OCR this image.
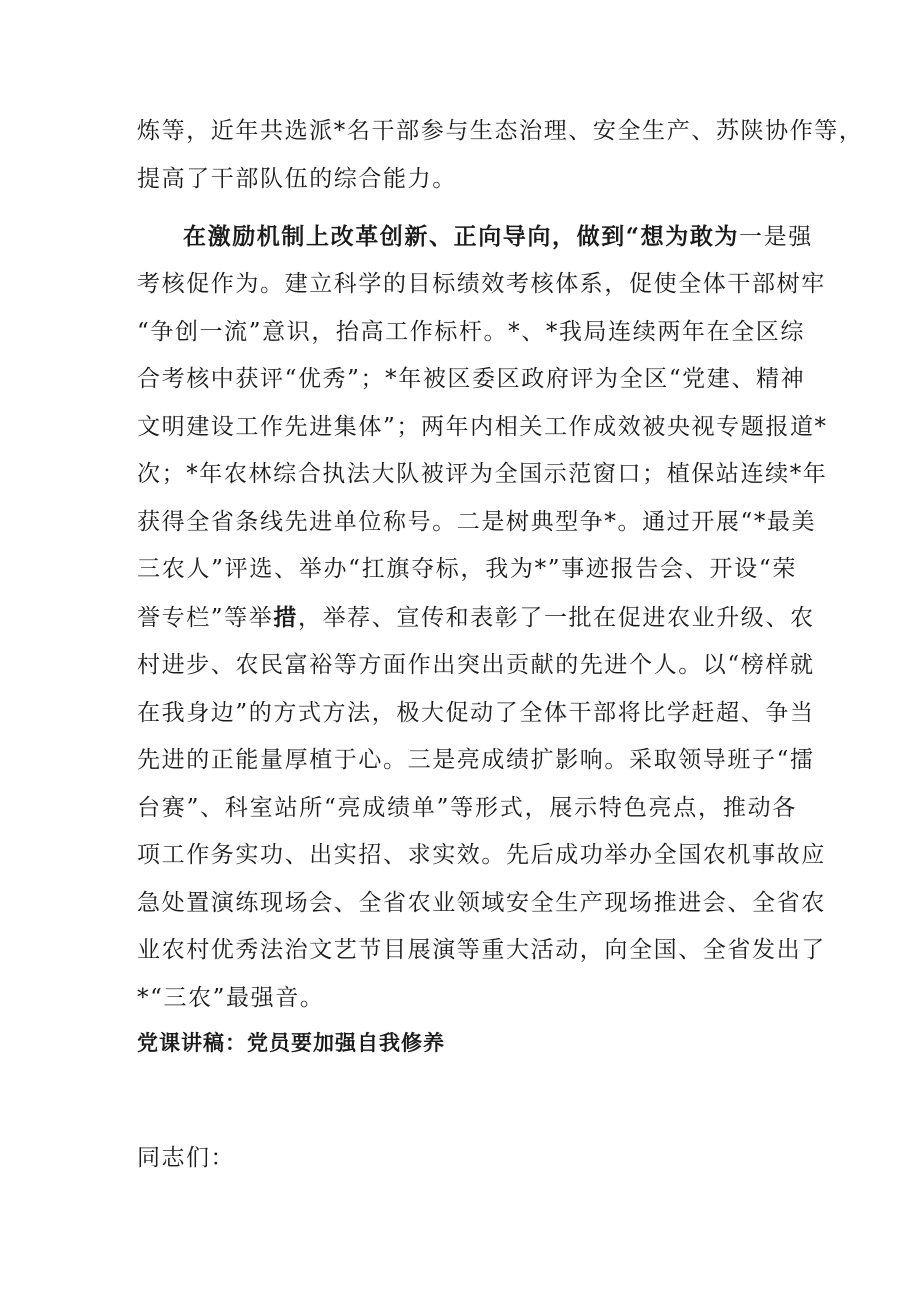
炼等，近年共选派*名干部参与生态治理、安全生产、苏陕协作等，
提高了干部队伍的综合能力。
在激励机制上改革创新、正向导向，做到“想为敢为一是强
考核促作为。建立科学的目标绩效考核体系，促使全体干部树牢
“争创一流”意识，抬高工作标杆。*、*我局连续两年在全区综
合考核中获评“优秀”；*年被区委区政府评为全区“党建、精神
文明建设工作先进集体”；两年内相关工作成效被央视专题报道*
次；*年农林综合执法大队被评为全国示范窗口；植保站连续*年
获得全省条线先进单位称号。二是树典型争*。通过开展“*最美
三农人”评选、举办“扛旗夺标，我为*”事迹报告会、开设“荣
誉专栏”等举措，举荐、宣传和表彰了一批在促进农业升级、农
村进步、农民富裕等方面作出突出贡献的先进个人。以“榜样就
在我身边”的方式方法，极大促动了全体干部将比学赶超、争当
先进的正能量厚植于心。三是亮成绩扩影响。采取领导班子“擂
台赛”、科室站所“亮成绩单”等形式，展示特色亮点，推动各
项工作务实功、出实招、求实效。先后成功举办全国农机事故应
急处置演练现场会、全省农业领域安全生产现场推进会、全省农
业农村优秀法治文艺节目展演等重大活动，向全国、全省发出了
*“三农”最强音。
党课讲稿：党员要加强自我修养
同志们：
